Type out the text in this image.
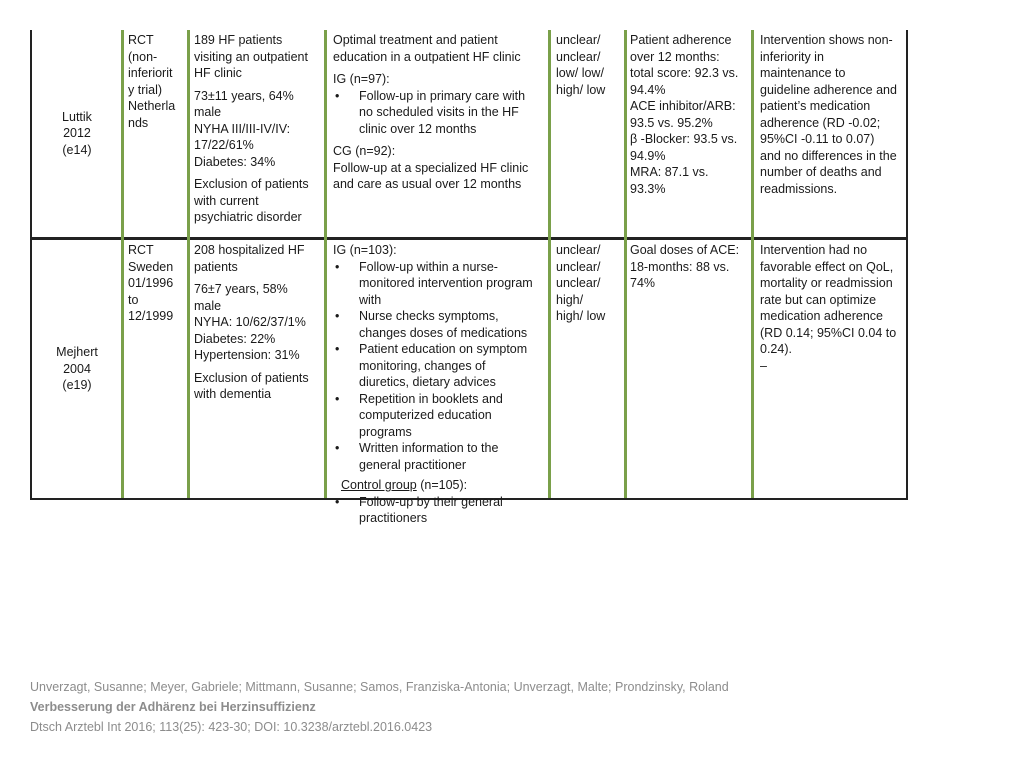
Luttik
2012
(e14)
RCT
(non-
inferiorit
y trial)
Netherla
nds

189 HF patients
visiting an outpatient
HF clinic

73±11 years, 64%
male
NYHA III/III-IV/IV:
17/22/61%
Diabetes: 34%

Exclusion of patients
with current
psychiatric disorder

Optimal treatment and patient
education in a outpatient HF clinic

IG (n=97):

• Follow-up in primary care with
no scheduled visits in the HF
clinic over 12 months

CG (n=92):
Follow-up at a specialized HF clinic
and care as usual over 12 months

unclear/
unclear/
low/ low/
high/ low
Patient adherence
over 12 months:
total score: 92.3 vs.
94.4%
ACE inhibitor/ARB:
93.5 vs. 95.2%
β -Blocker: 93.5 vs.
94.9%
MRA: 87.1 vs.
93.3%
Intervention shows non-
inferiority in
maintenance to
guideline adherence and
patient’s medication
adherence (RD -0.02;
95%CI -0.11 to 0.07)
and no differences in the
number of deaths and
readmissions.
Mejhert
2004
(e19)
RCT
Sweden
01/1996
to
12/1999

208 hospitalized HF
patients

76±7 years, 58%
male
NYHA: 10/62/37/1%
Diabetes: 22%
Hypertension: 31%

Exclusion of patients
with dementia

IG (n=103):

• Follow-up within a nurse-
monitored intervention program
with
• Nurse checks symptoms,
changes doses of medications
• Patient education on symptom
monitoring, changes of
diuretics, dietary advices
• Repetition in booklets and
computerized education
programs
• Written information to the
general practitioner

Control group (n=105):

• Follow-up by their general
practitioners
unclear/
unclear/
unclear/
high/
high/ low
Goal doses of ACE:
18-months: 88 vs.
74%
Intervention had no
favorable effect on QoL,
mortality or readmission
rate but can optimize
medication adherence
(RD 0.14; 95%CI 0.04 to
0.24).
–
Unverzagt, Susanne; Meyer, Gabriele; Mittmann, Susanne; Samos, Franziska-Antonia; Unverzagt, Malte; Prondzinsky, Roland
Verbesserung der Adhärenz bei Herzinsuffizienz
Dtsch Arztebl Int 2016; 113(25): 423-30; DOI: 10.3238/arztebl.2016.0423
